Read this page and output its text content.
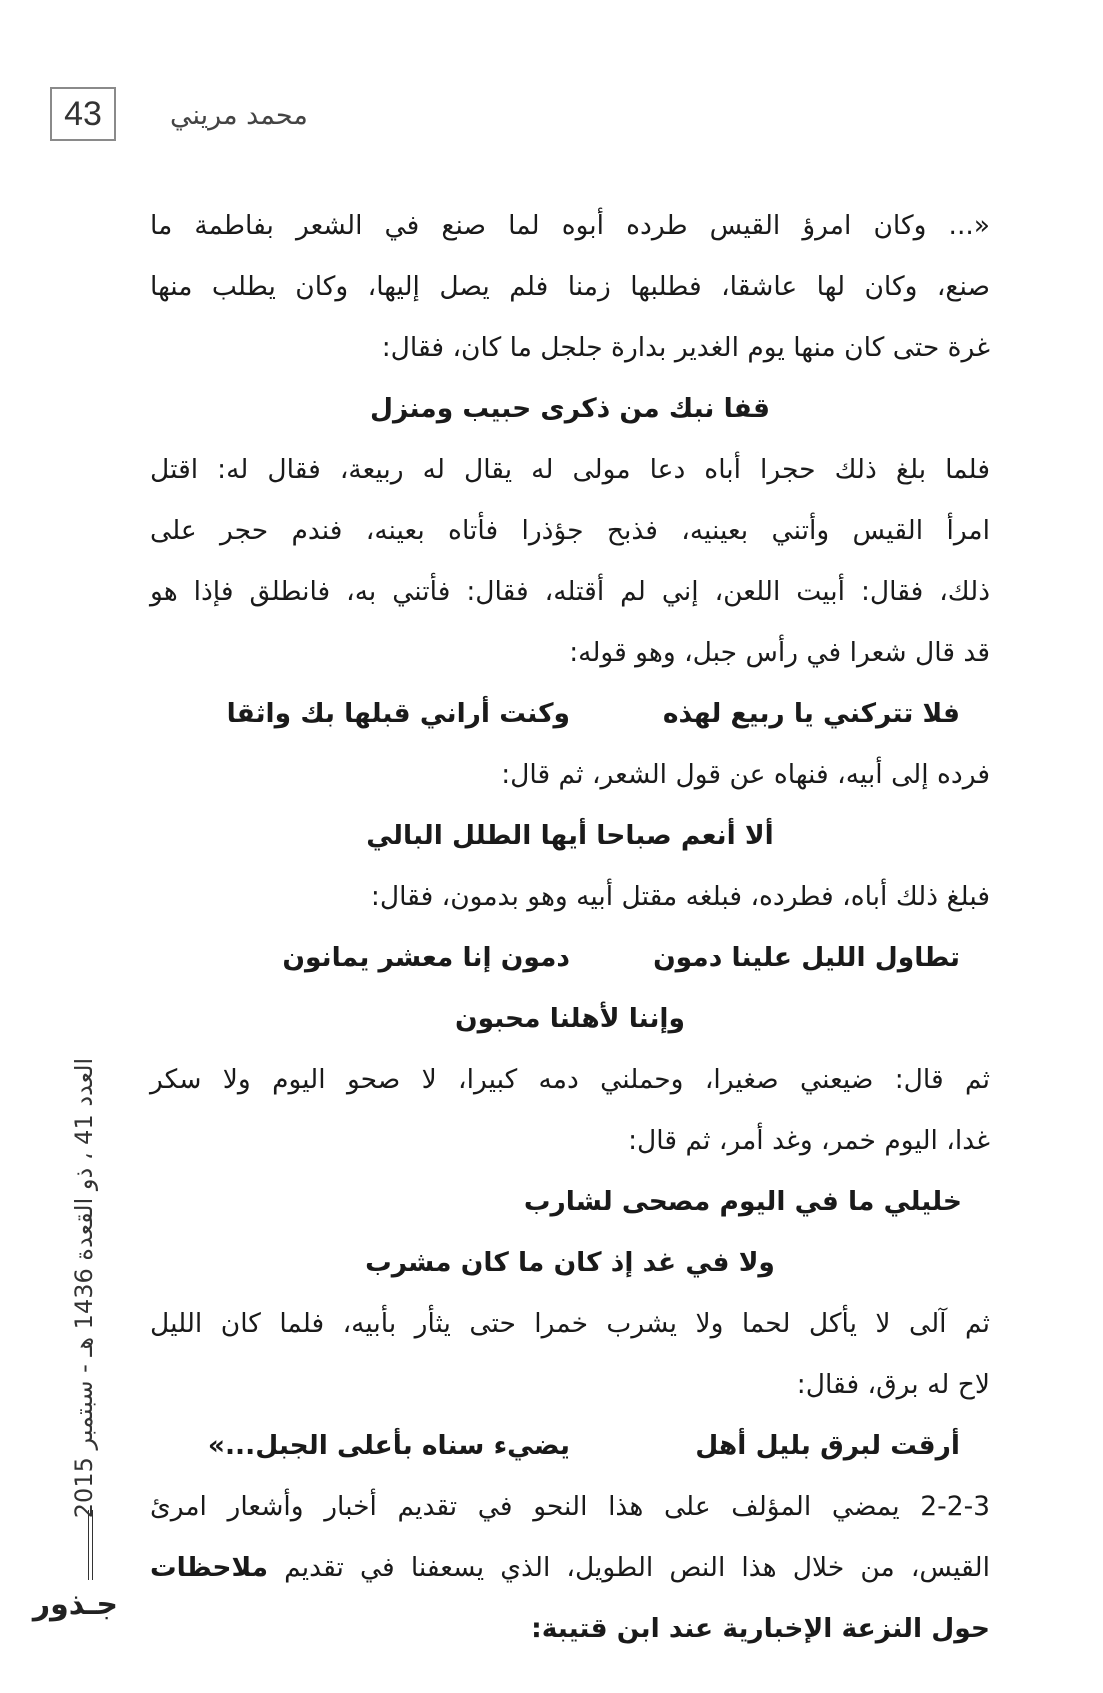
43	محمد مريني
«... وكان امرؤ القيس طرده أبوه لما صنع في الشعر بفاطمة ما
صنع، وكان لها عاشقا، فطلبها زمنا فلم يصل إليها، وكان يطلب منها
غرة حتى كان منها يوم الغدير بدارة جلجل ما كان، فقال:
قفا نبك من ذكرى حبيب ومنزل
فلما بلغ ذلك حجرا أباه دعا مولى له يقال له ربيعة، فقال له: اقتل
امرأ القيس وأتني بعينيه، فذبح جؤذرا فأتاه بعينه، فندم حجر على
ذلك، فقال: أبيت اللعن، إني لم أقتله، فقال: فأتني به، فانطلق فإذا هو
قد قال شعرا في رأس جبل، وهو قوله:
فلا تتركني يا ربيع لهذه
وكنت أراني قبلها بك واثقا
فرده إلى أبيه، فنهاه عن قول الشعر، ثم قال:
ألا أنعم صباحا أيها الطلل البالي
فبلغ ذلك أباه، فطرده، فبلغه مقتل أبيه وهو بدمون، فقال:
تطاول الليل علينا دمون
دمون إنا معشر يمانون
وإننا لأهلنا محبون
ثم قال: ضيعني صغيرا، وحملني دمه كبيرا، لا صحو اليوم ولا سكر
غدا، اليوم خمر، وغد أمر، ثم قال:
خليلي ما في اليوم مصحى لشارب
ولا في غد إذ كان ما كان مشرب
ثم آلى لا يأكل لحما ولا يشرب خمرا حتى يثأر بأبيه، فلما كان الليل
لاح له برق، فقال:
أرقت لبرق بليل أهل
يضيء سناه بأعلى الجبل...»
2-2-3 يمضي المؤلف على هذا النحو في تقديم أخبار وأشعار امرئ
القيس، من خلال هذا النص الطويل، الذي يسعفنا في تقديم ملاحظات
حول النزعة الإخبارية عند ابن قتيبة:
العدد 41 ، ذو القعدة 1436 هـ - سبتمبر 2015
جـذور
